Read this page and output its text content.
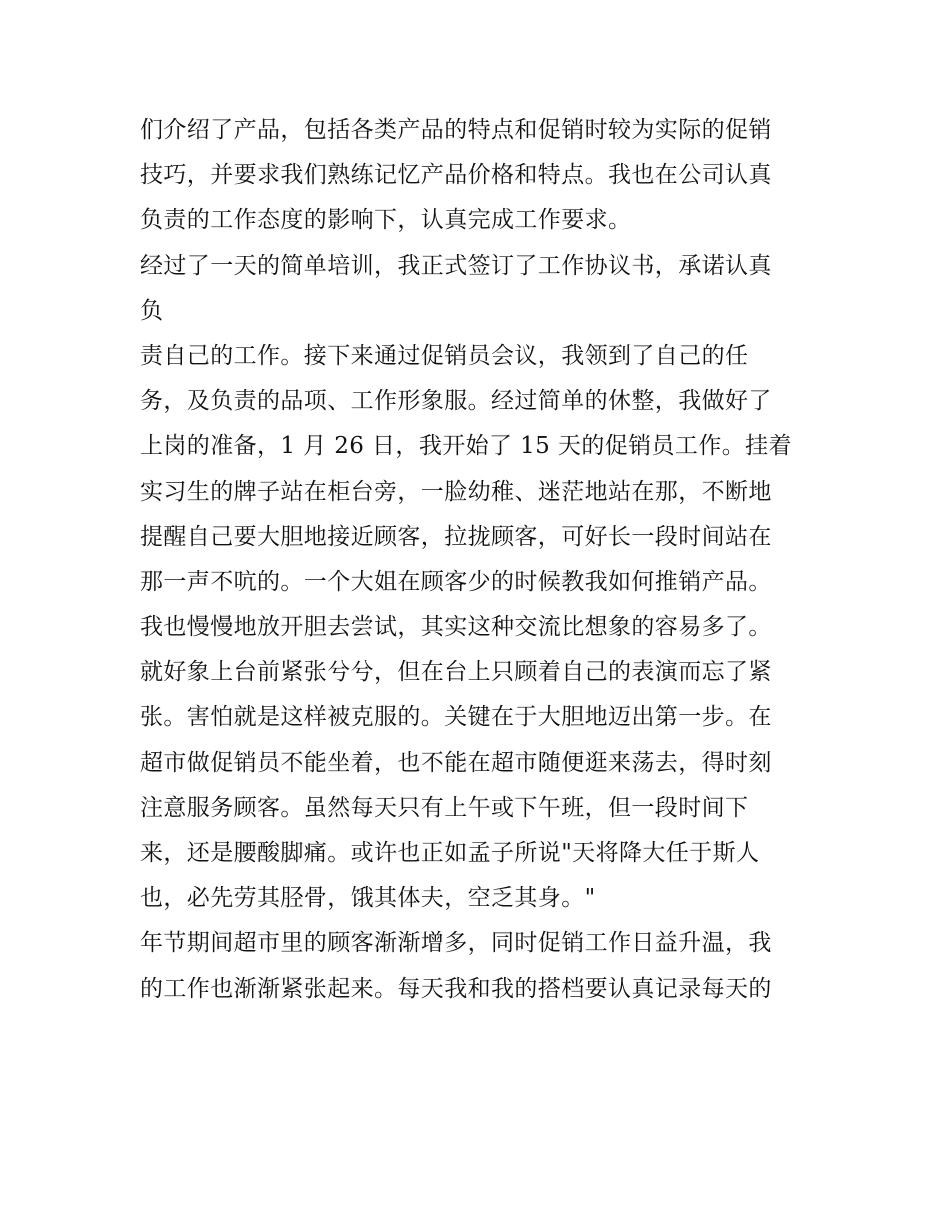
们介绍了产品，包括各类产品的特点和促销时较为实际的促销
技巧，并要求我们熟练记忆产品价格和特点。我也在公司认真
负责的工作态度的影响下，认真完成工作要求。
经过了一天的简单培训，我正式签订了工作协议书，承诺认真
负
责自己的工作。接下来通过促销员会议，我领到了自己的任
务，及负责的品项、工作形象服。经过简单的休整，我做好了
上岗的准备，1 月 26 日，我开始了 15 天的促销员工作。挂着
实习生的牌子站在柜台旁，一脸幼稚、迷茫地站在那，不断地
提醒自己要大胆地接近顾客，拉拢顾客，可好长一段时间站在
那一声不吭的。一个大姐在顾客少的时候教我如何推销产品。
我也慢慢地放开胆去尝试，其实这种交流比想象的容易多了。
就好象上台前紧张兮兮，但在台上只顾着自己的表演而忘了紧
张。害怕就是这样被克服的。关键在于大胆地迈出第一步。在
超市做促销员不能坐着，也不能在超市随便逛来荡去，得时刻
注意服务顾客。虽然每天只有上午或下午班，但一段时间下
来，还是腰酸脚痛。或许也正如孟子所说"天将降大任于斯人
也，必先劳其胫骨，饿其体夫，空乏其身。"
年节期间超市里的顾客渐渐增多，同时促销工作日益升温，我
的工作也渐渐紧张起来。每天我和我的搭档要认真记录每天的
